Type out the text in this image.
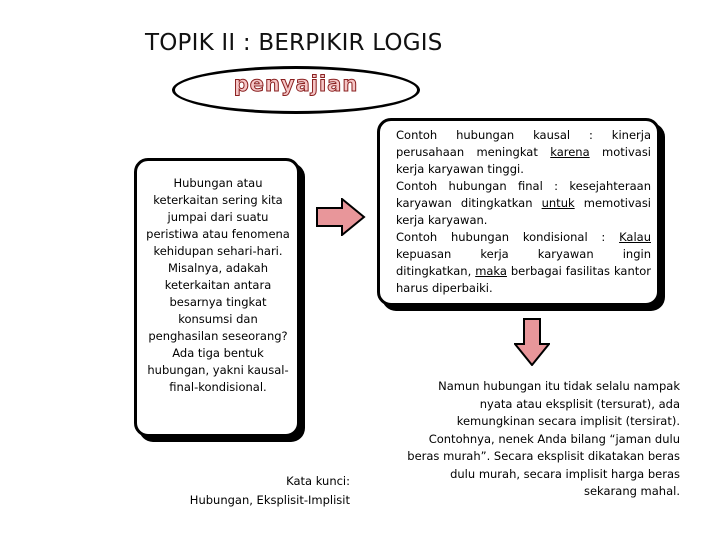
TOPIK II : BERPIKIR LOGIS
penyajian
Hubungan atau keterkaitan sering kita jumpai dari suatu peristiwa atau fenomena kehidupan sehari-hari. Misalnya, adakah keterkaitan antara besarnya tingkat konsumsi dan penghasilan seseorang? Ada tiga bentuk hubungan, yakni kausal-final-kondisional.

Contoh hubungan kausal : kinerja perusahaan meningkat karena motivasi kerja karyawan tinggi.

Contoh hubungan final : kesejahteraan karyawan ditingkatkan untuk memotivasi kerja karyawan.

Contoh hubungan kondisional : Kalau kepuasan kerja karyawan ingin ditingkatkan, maka berbagai fasilitas kantor harus diperbaiki.

Kata kunci:
Hubungan, Eksplisit-Implisit
Namun hubungan itu tidak selalu nampak nyata atau eksplisit (tersurat), ada kemungkinan secara implisit (tersirat). Contohnya, nenek Anda bilang “jaman dulu beras murah”. Secara eksplisit dikatakan beras dulu murah, secara implisit harga beras sekarang mahal.
